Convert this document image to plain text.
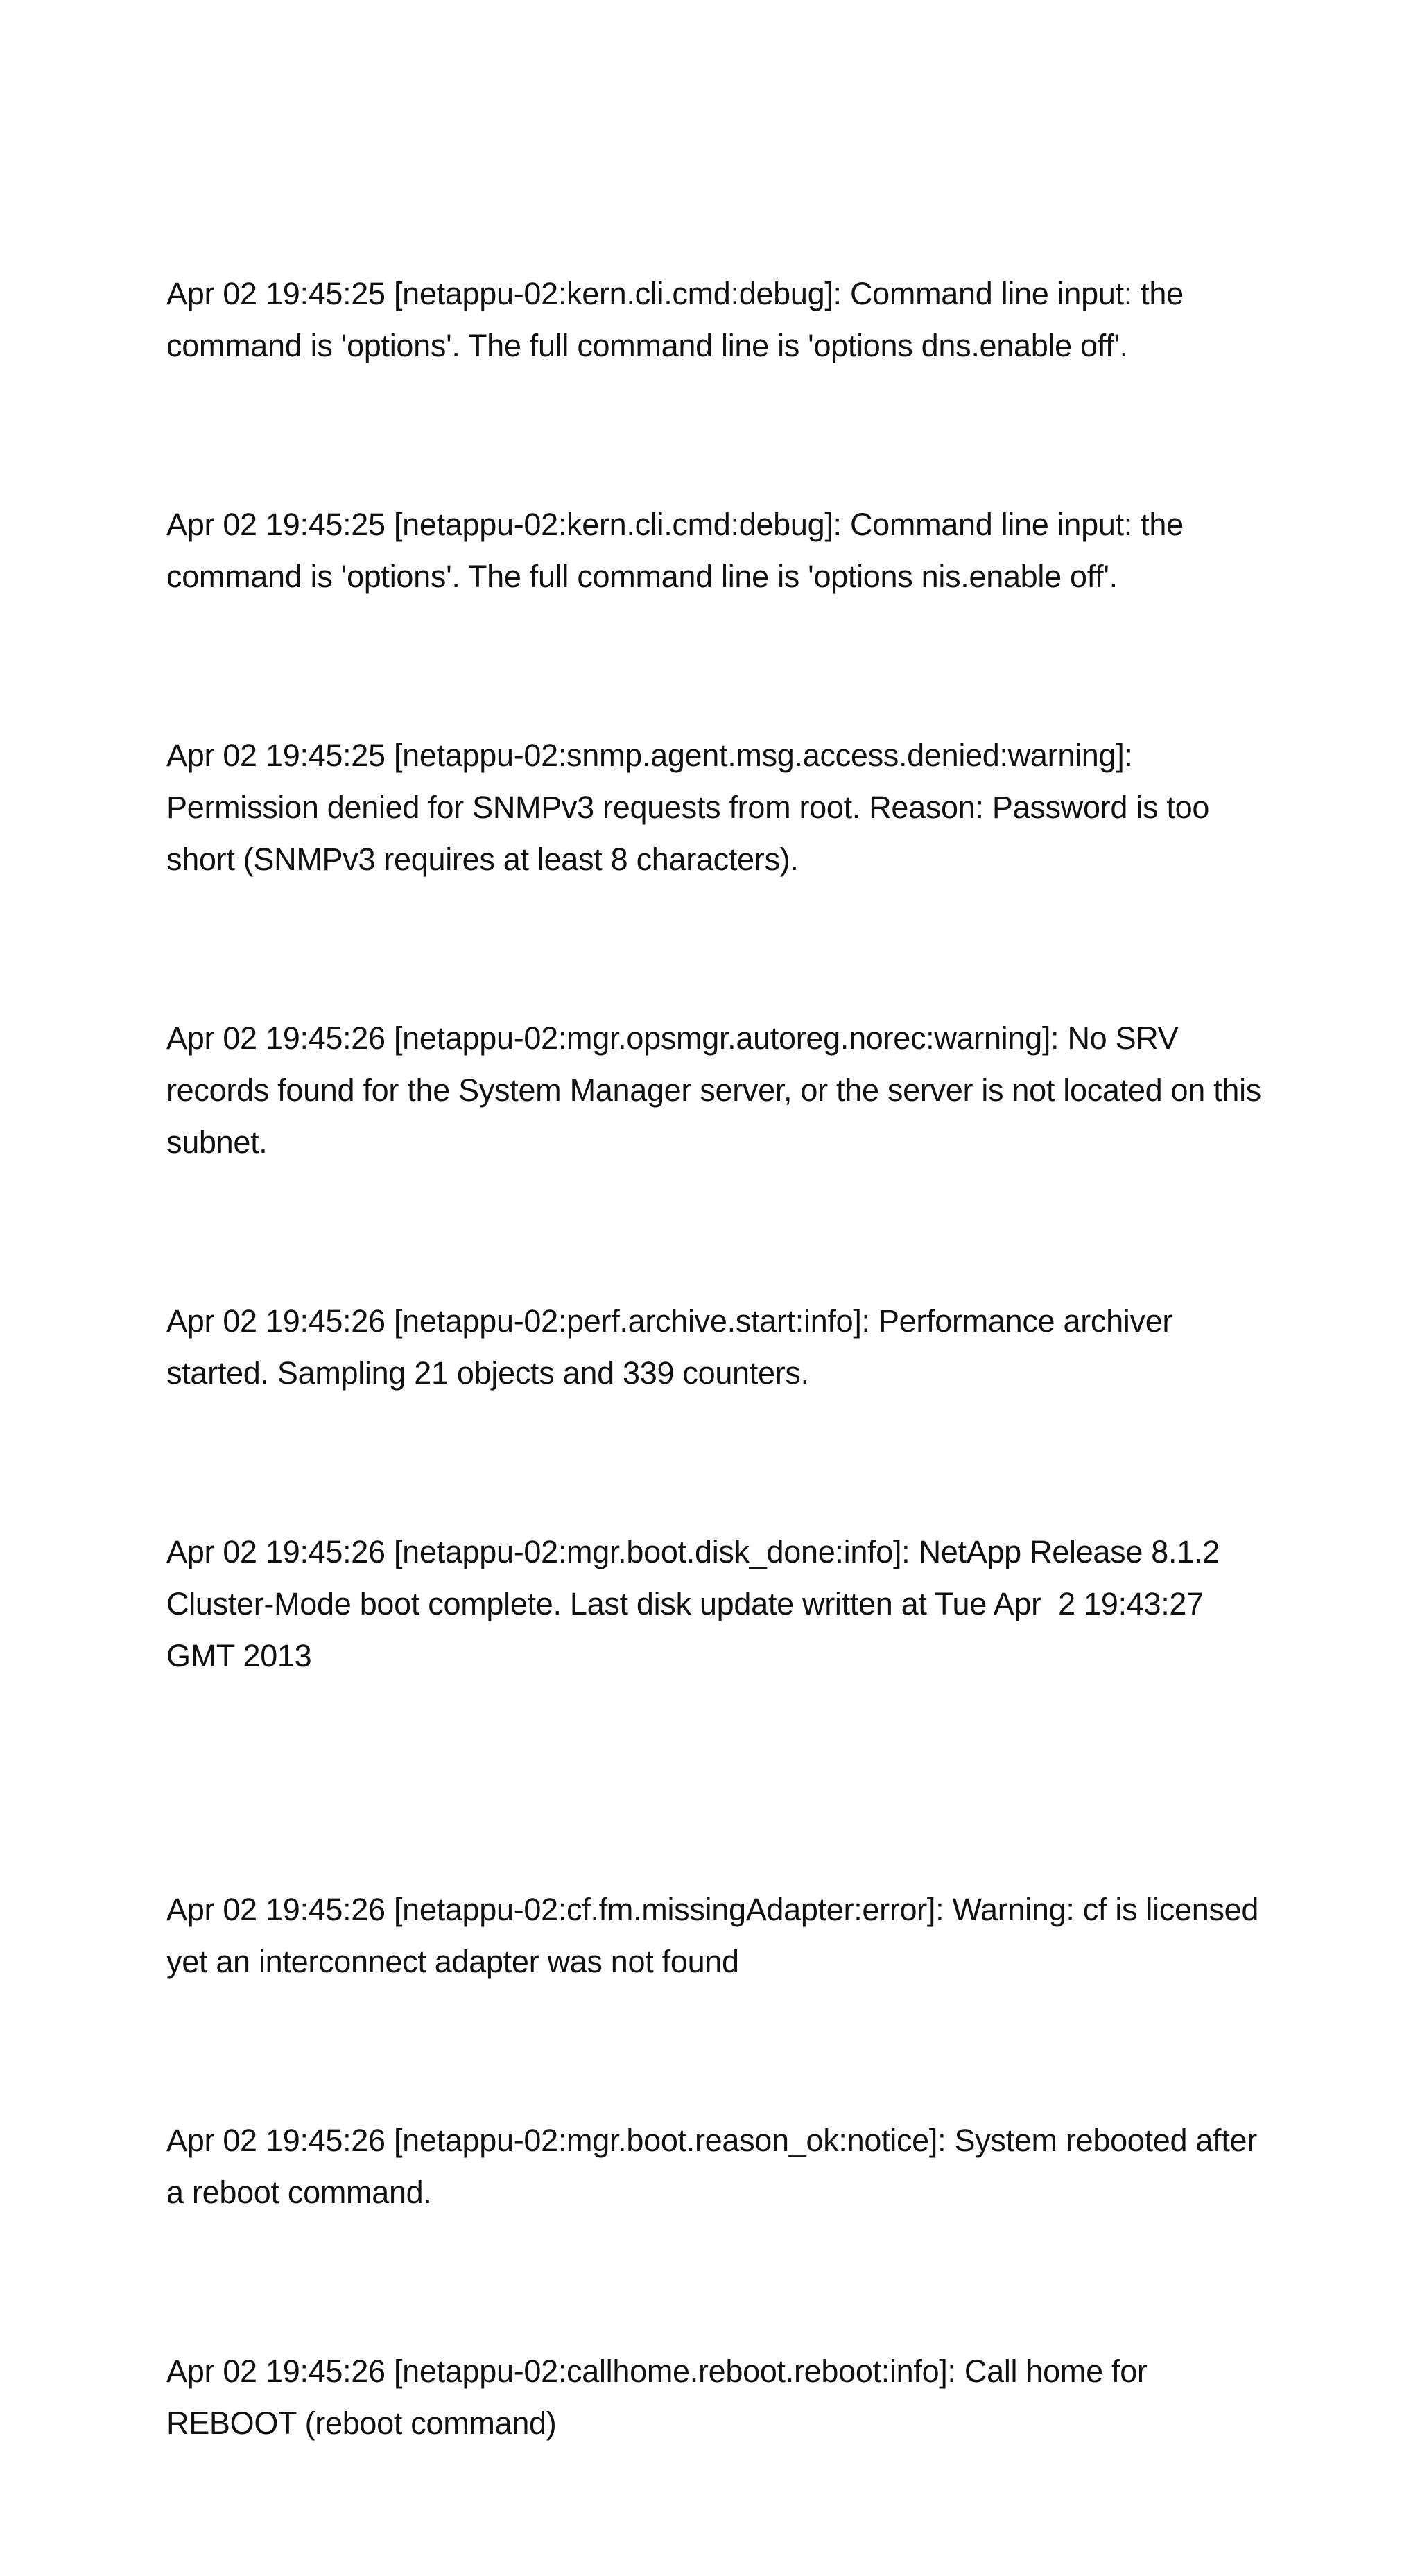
Apr 02 19:45:25 [netappu-02:kern.cli.cmd:debug]: Command line input: the command is 'options'. The full command line is 'options dns.enable off'.

Apr 02 19:45:25 [netappu-02:kern.cli.cmd:debug]: Command line input: the command is 'options'. The full command line is 'options nis.enable off'.

Apr 02 19:45:25 [netappu-02:snmp.agent.msg.access.denied:warning]: Permission denied for SNMPv3 requests from root. Reason: Password is too short (SNMPv3 requires at least 8 characters).

Apr 02 19:45:26 [netappu-02:mgr.opsmgr.autoreg.norec:warning]: No SRV records found for the System Manager server, or the server is not located on this subnet.

Apr 02 19:45:26 [netappu-02:perf.archive.start:info]: Performance archiver started. Sampling 21 objects and 339 counters.

Apr 02 19:45:26 [netappu-02:mgr.boot.disk_done:info]: NetApp Release 8.1.2 Cluster-Mode boot complete. Last disk update written at Tue Apr  2 19:43:27 GMT 2013

Apr 02 19:45:26 [netappu-02:cf.fm.missingAdapter:error]: Warning: cf is licensed yet an interconnect adapter was not found

Apr 02 19:45:26 [netappu-02:mgr.boot.reason_ok:notice]: System rebooted after a reboot command.

Apr 02 19:45:26 [netappu-02:callhome.reboot.reboot:info]: Call home for REBOOT (reboot command)
